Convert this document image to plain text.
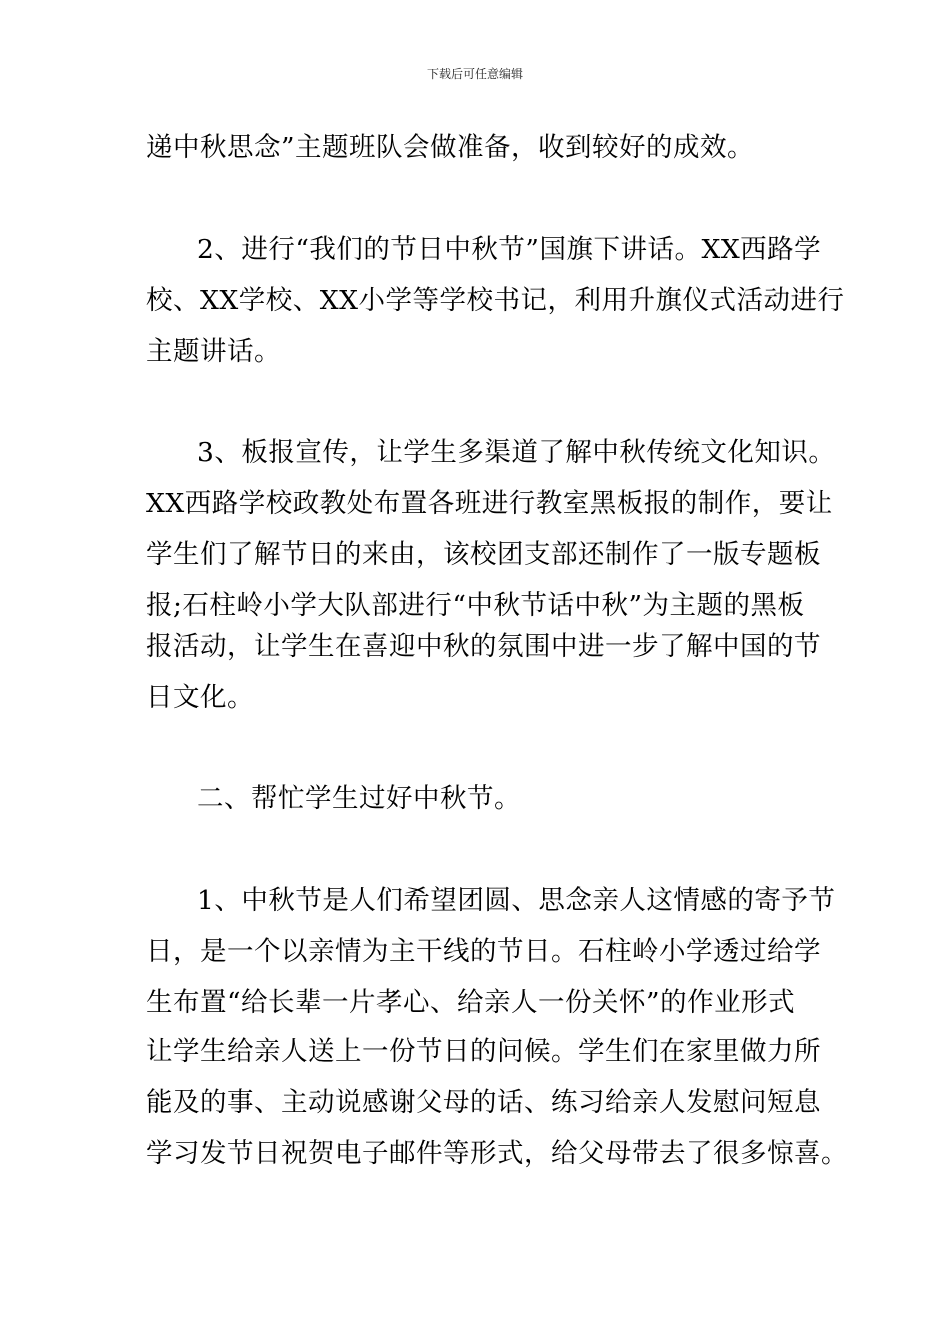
下载后可任意编辑
递中秋思念”主题班队会做准备，收到较好的成效。
2、进行“我们的节日中秋节”国旗下讲话。XX西路学
校、XX学校、XX小学等学校书记，利用升旗仪式活动进行
主题讲话。
3、板报宣传，让学生多渠道了解中秋传统文化知识。
XX西路学校政教处布置各班进行教室黑板报的制作，要让
学生们了解节日的来由，该校团支部还制作了一版专题板
报;石柱岭小学大队部进行“中秋节话中秋”为主题的黑板
报活动，让学生在喜迎中秋的氛围中进一步了解中国的节
日文化。
二、帮忙学生过好中秋节。
1、中秋节是人们希望团圆、思念亲人这情感的寄予节
日，是一个以亲情为主干线的节日。石柱岭小学透过给学
生布置“给长辈一片孝心、给亲人一份关怀”的作业形式
让学生给亲人送上一份节日的问候。学生们在家里做力所
能及的事、主动说感谢父母的话、练习给亲人发慰问短息
学习发节日祝贺电子邮件等形式，给父母带去了很多惊喜。
